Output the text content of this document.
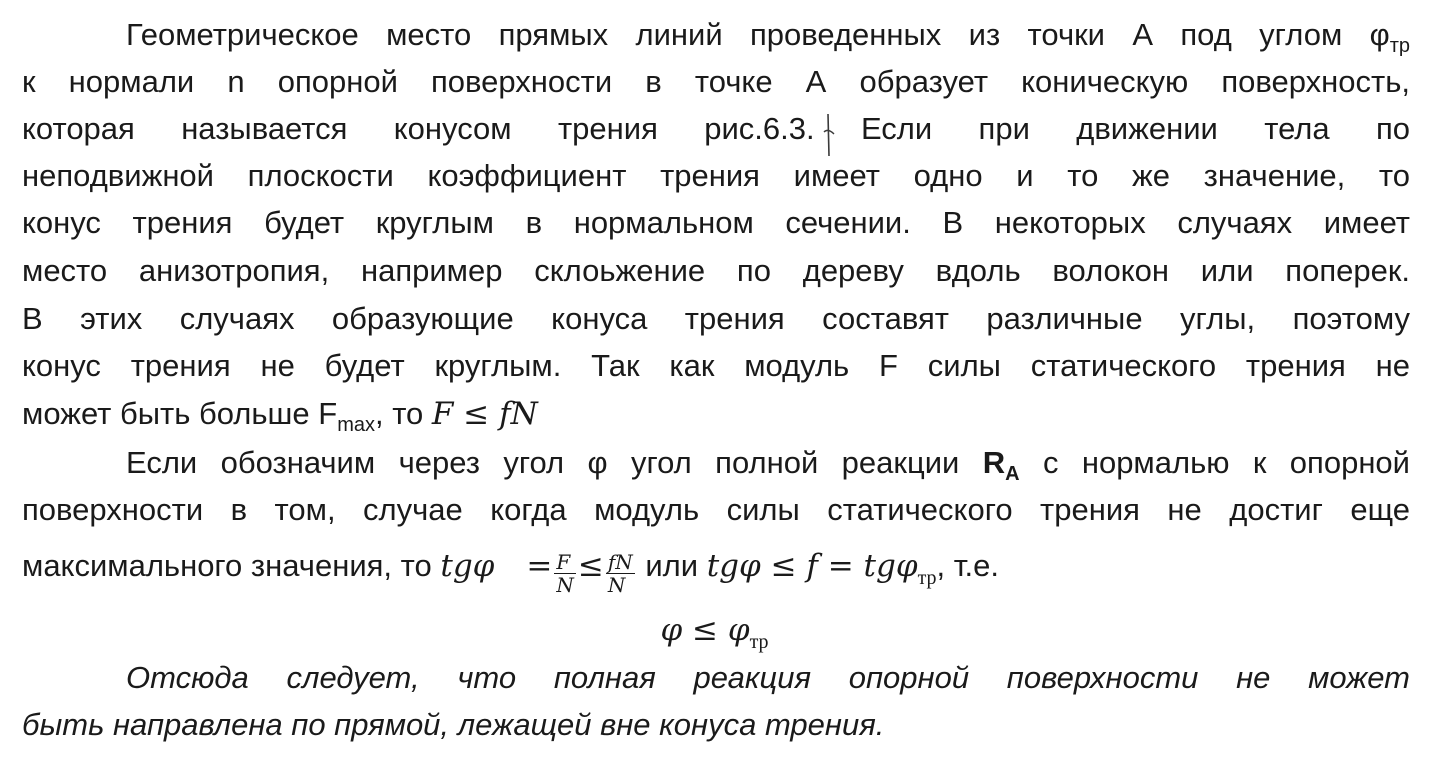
Геометрическое место прямых линий проведенных из точки А под углом $\varphi_{тр}$
к нормали n опорной поверхности в точке А образует коническую поверхность,
которая называется конусом трения рис.6.3. Если при движении тела по
неподвижной плоскости коэффициент трения имеет одно и то же значение, то
конус трения будет круглым в нормальном сечении. В некоторых случаях имеет
место анизотропия, например склоьжение по дереву вдоль волокон или поперек.
В этих случаях образующие конуса трения составят различные углы, поэтому
конус трения не будет круглым. Так как модуль F силы статического трения не
может быть больше $F_{max}$, то F ≤ fN
Если обозначим через угол φ угол полной реакции $R_A$ с нормалью к опорной
поверхности в том, случае когда модуль силы статического трения не достиг еще
максимального значения, то $tg\varphi = \frac{F}{N} \le \frac{fN}{N}$ или tgφ ≤ f = tgφ$_{тр}$, т.е.
$\varphi \le \varphi_{тр}$
Отсюда следует, что полная реакция опорной поверхности не может
быть направлена по прямой, лежащей вне конуса трения.
